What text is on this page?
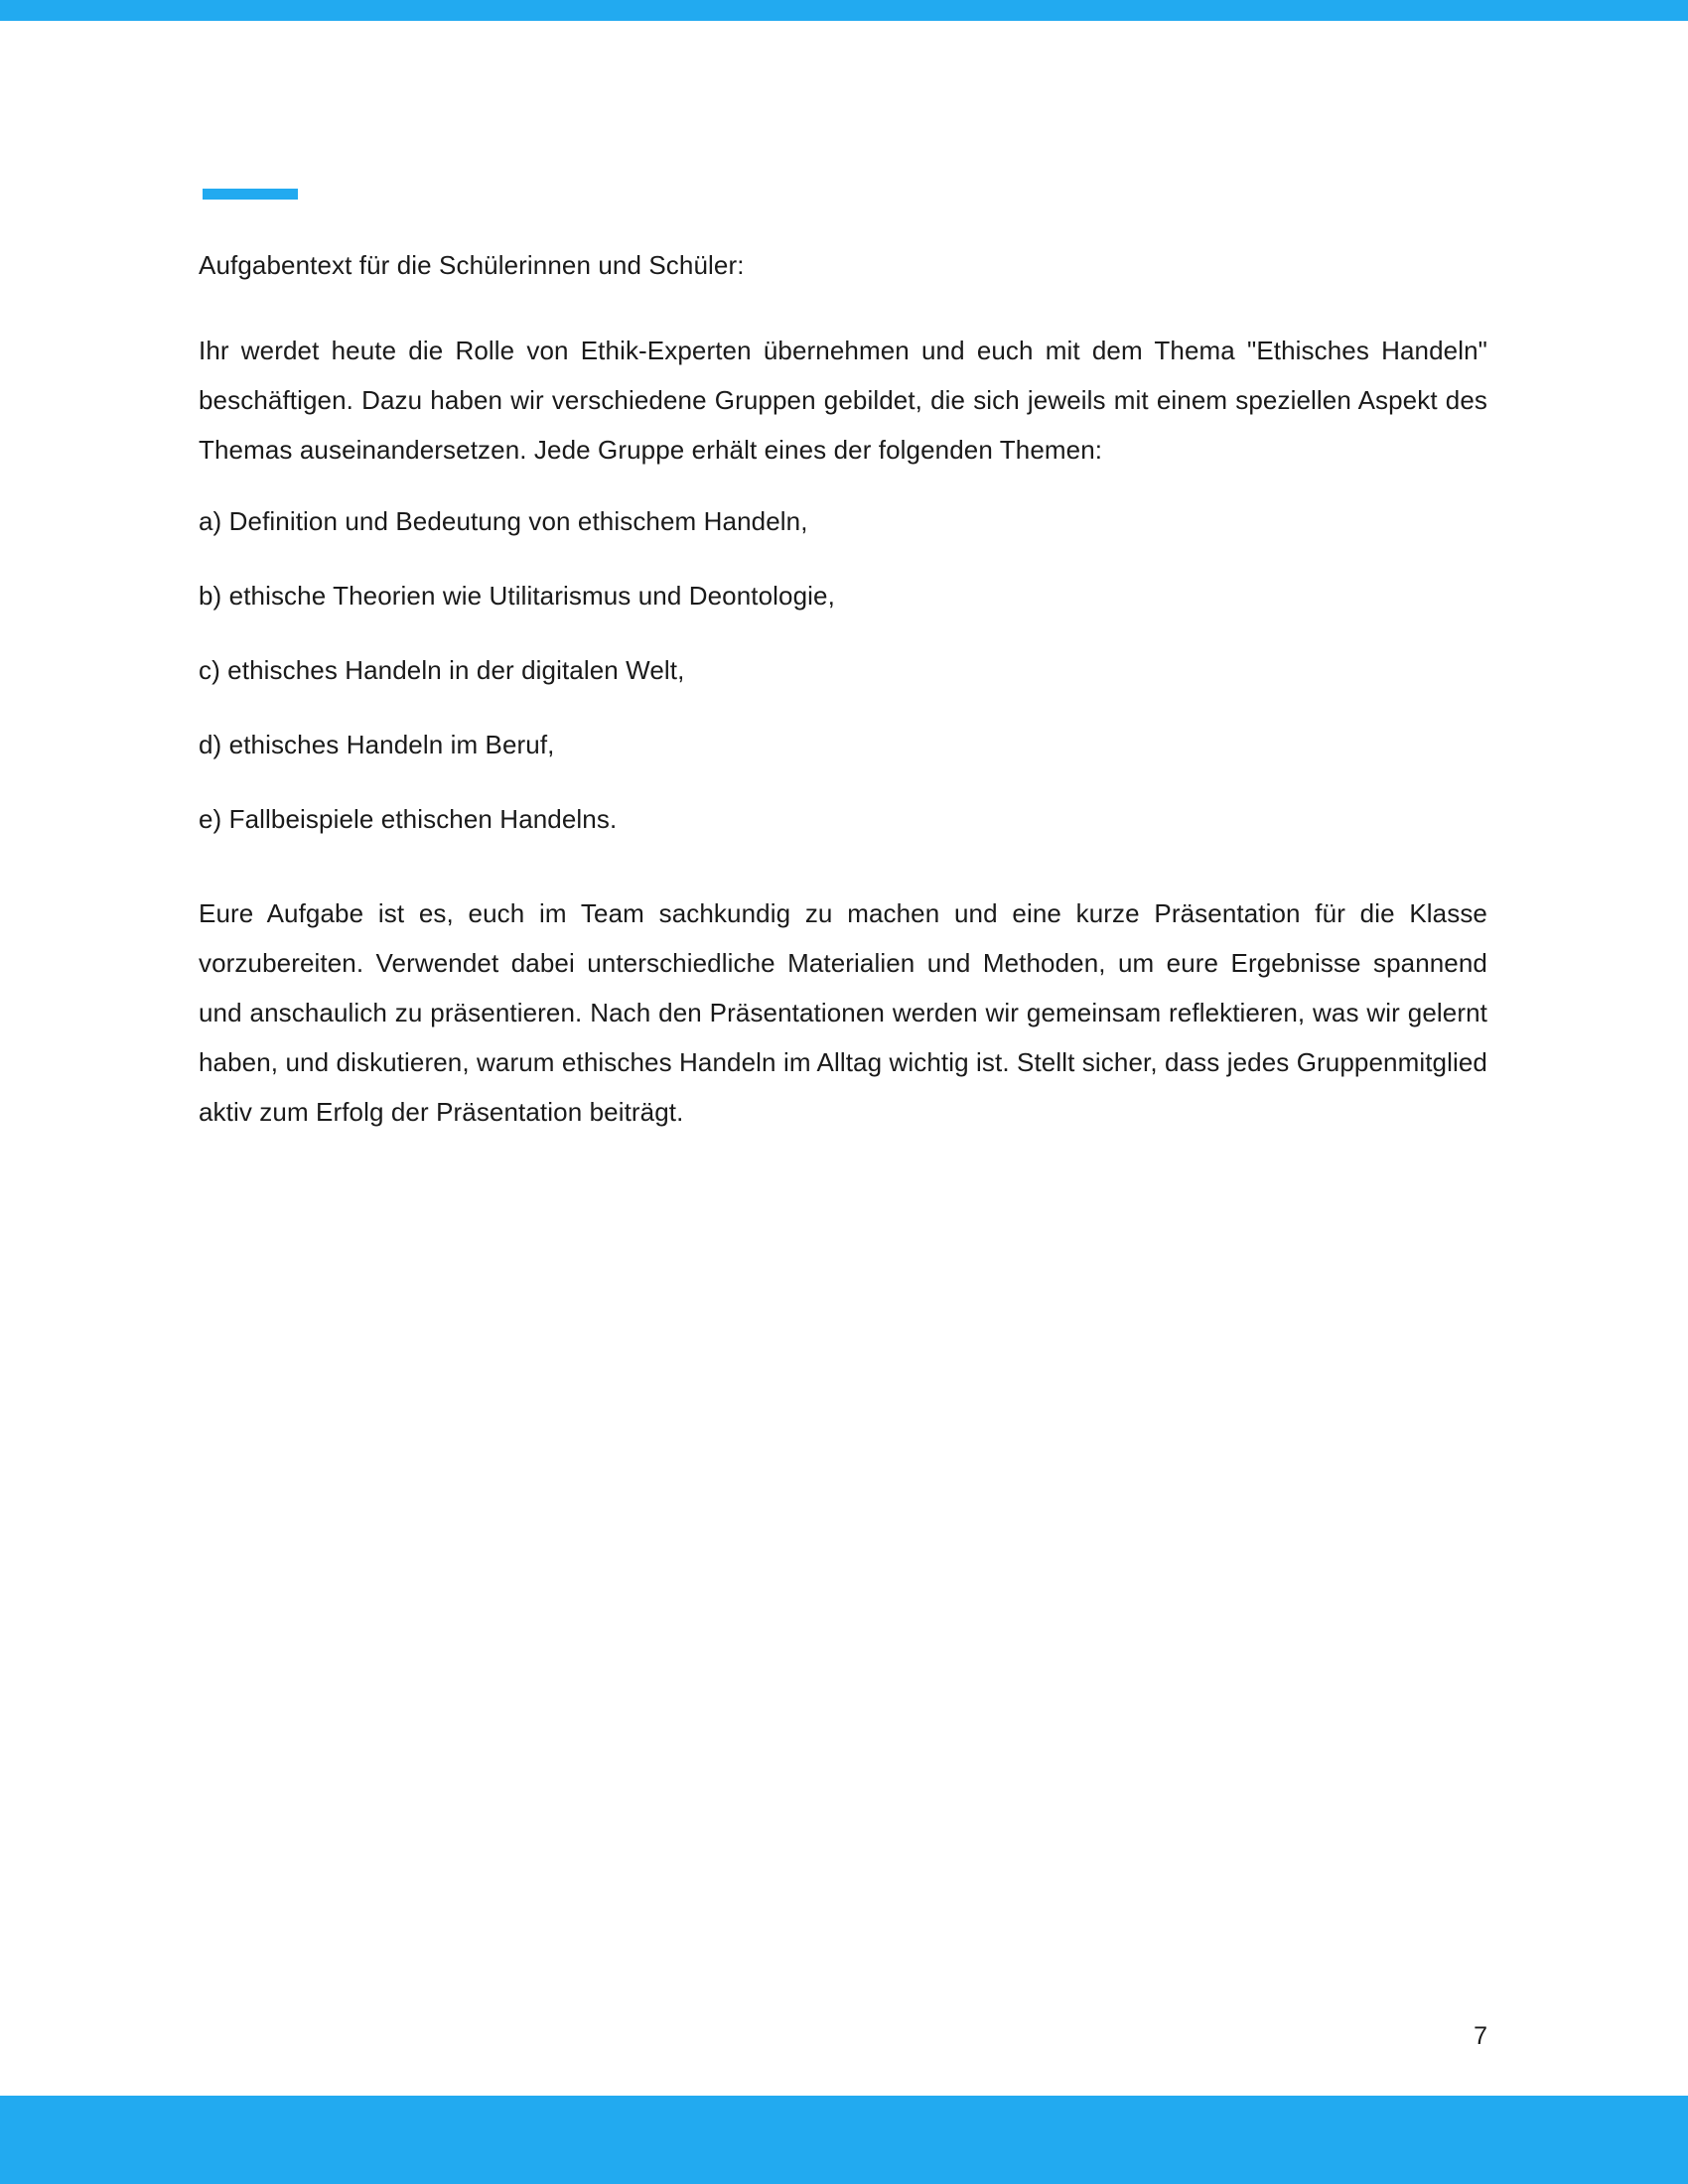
Aufgabentext für die Schülerinnen und Schüler:

Ihr werdet heute die Rolle von Ethik-Experten übernehmen und euch mit dem Thema "Ethisches Handeln" beschäftigen. Dazu haben wir verschiedene Gruppen gebildet, die sich jeweils mit einem speziellen Aspekt des Themas auseinandersetzen. Jede Gruppe erhält eines der folgenden Themen:

a) Definition und Bedeutung von ethischem Handeln,
b) ethische Theorien wie Utilitarismus und Deontologie,
c) ethisches Handeln in der digitalen Welt,
d) ethisches Handeln im Beruf,
e) Fallbeispiele ethischen Handelns.

Eure Aufgabe ist es, euch im Team sachkundig zu machen und eine kurze Präsentation für die Klasse vorzubereiten. Verwendet dabei unterschiedliche Materialien und Methoden, um eure Ergebnisse spannend und anschaulich zu präsentieren. Nach den Präsentationen werden wir gemeinsam reflektieren, was wir gelernt haben, und diskutieren, warum ethisches Handeln im Alltag wichtig ist. Stellt sicher, dass jedes Gruppenmitglied aktiv zum Erfolg der Präsentation beiträgt.

7
